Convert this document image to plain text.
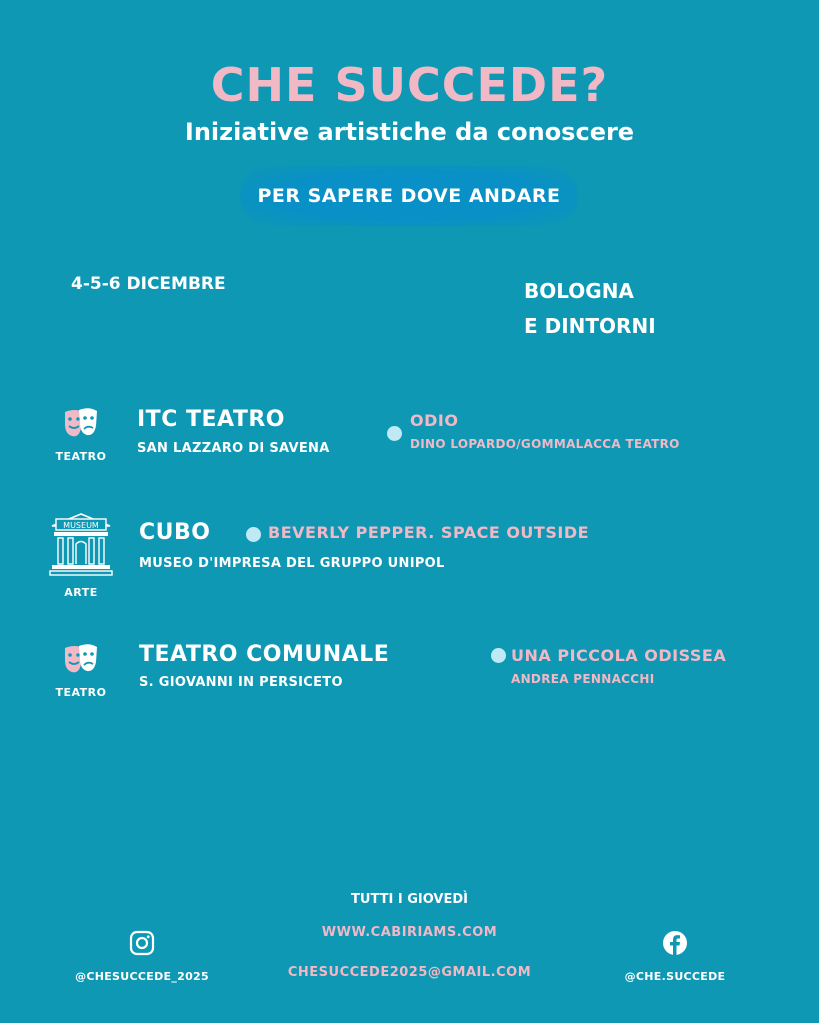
CHE SUCCEDE?
Iniziative artistiche da conoscere
PER SAPERE DOVE ANDARE
4-5-6 DICEMBRE	BOLOGNA
E DINTORNI
TEATRO
ITC TEATRO
SAN LAZZARO DI SAVENA
ODIO
DINO LOPARDO/GOMMALACCA TEATRO
MUSEUM
ARTE
CUBO	BEVERLY PEPPER. SPACE OUTSIDE
MUSEO D'IMPRESA DEL GRUPPO UNIPOL
TEATRO
TEATRO COMUNALE
S. GIOVANNI IN PERSICETO
UNA PICCOLA ODISSEA
ANDREA PENNACCHI
TUTTI I GIOVEDÌ
WWW.CABIRIAMS.COM
CHESUCCEDE2025@GMAIL.COM
@CHESUCCEDE_2025	@CHE.SUCCEDE
